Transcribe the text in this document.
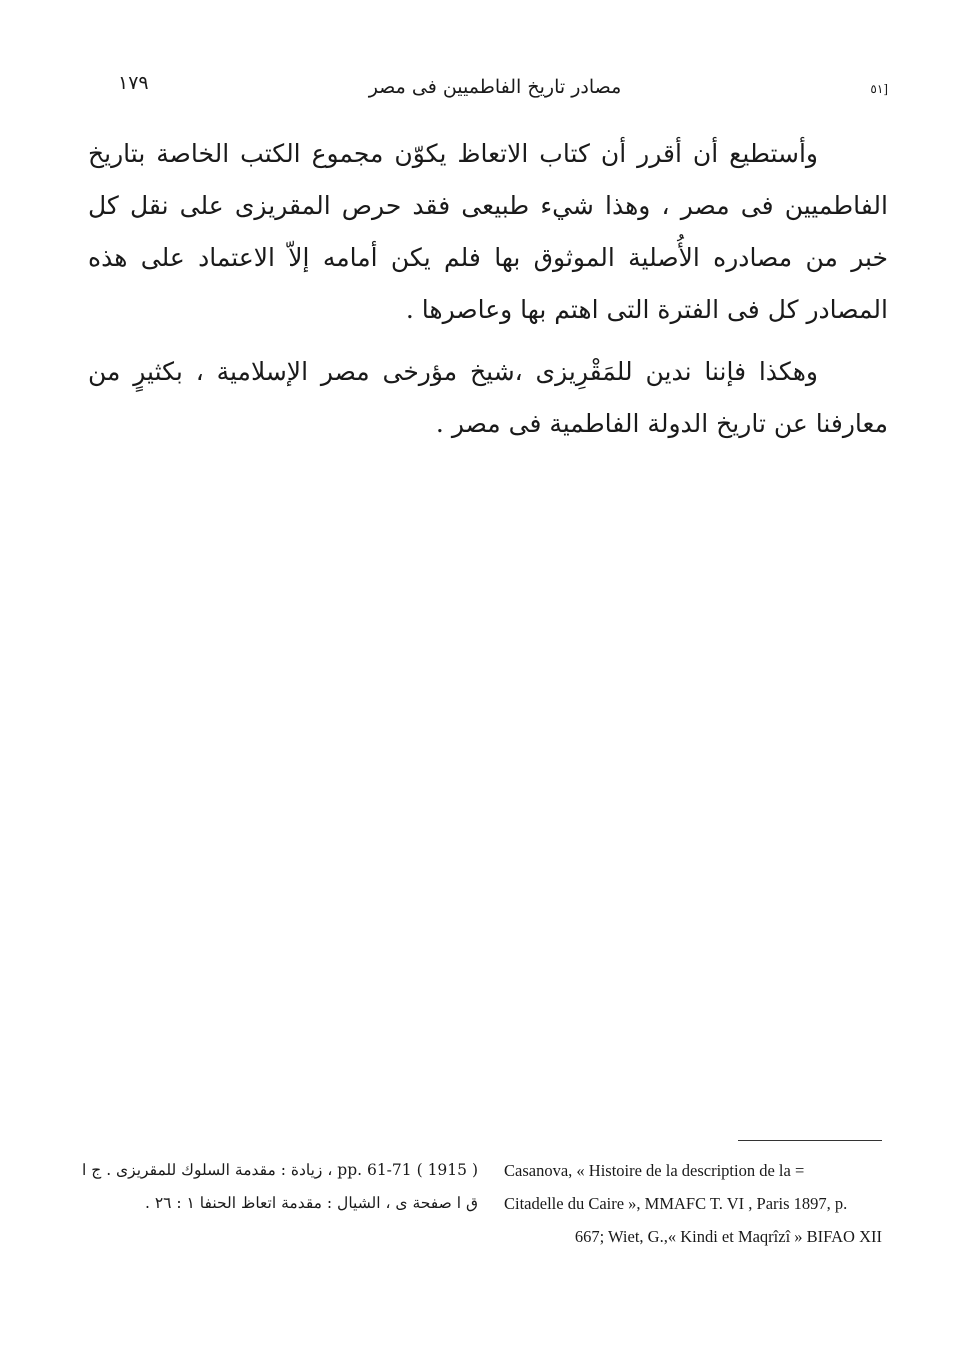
١٧٩	مصادر تاريخ الفاطميين فى مصر	[٥١

وأستطيع أن أقرر أن كتاب الاتعاظ يكوّن مجموع الكتب الخاصة بتاريخ الفاطميين فى مصر ، وهذا شيء طبيعى فقد حرص المقريزى على نقل كل خبر من مصادره الأُصلية الموثوق بها فلم يكن أمامه إلاّ الاعتماد على هذه المصادر كل فى الفترة التى اهتم بها وعاصرها .

وهكذا فإننا ندين للمَقْرِيزى ،شيخ مؤرخى مصر الإسلامية ، بكثيرٍ من معارفنا عن تاريخ الدولة الفاطمية فى مصر .

Casanova, « Histoire de la description de la =
Citadelle du Caire », MMAFC T. VI , Paris 1897, p.
667; Wiet, G.,« Kindi et Maqrîzî » BIFAO XII
( 1915 ) pp. 61-71 ، زيادة : مقدمة السلوك للمقريزى . ج ا
ق ا صفحة ى ، الشيال : مقدمة اتعاظ الحنفا ١ : ٢٦ .
